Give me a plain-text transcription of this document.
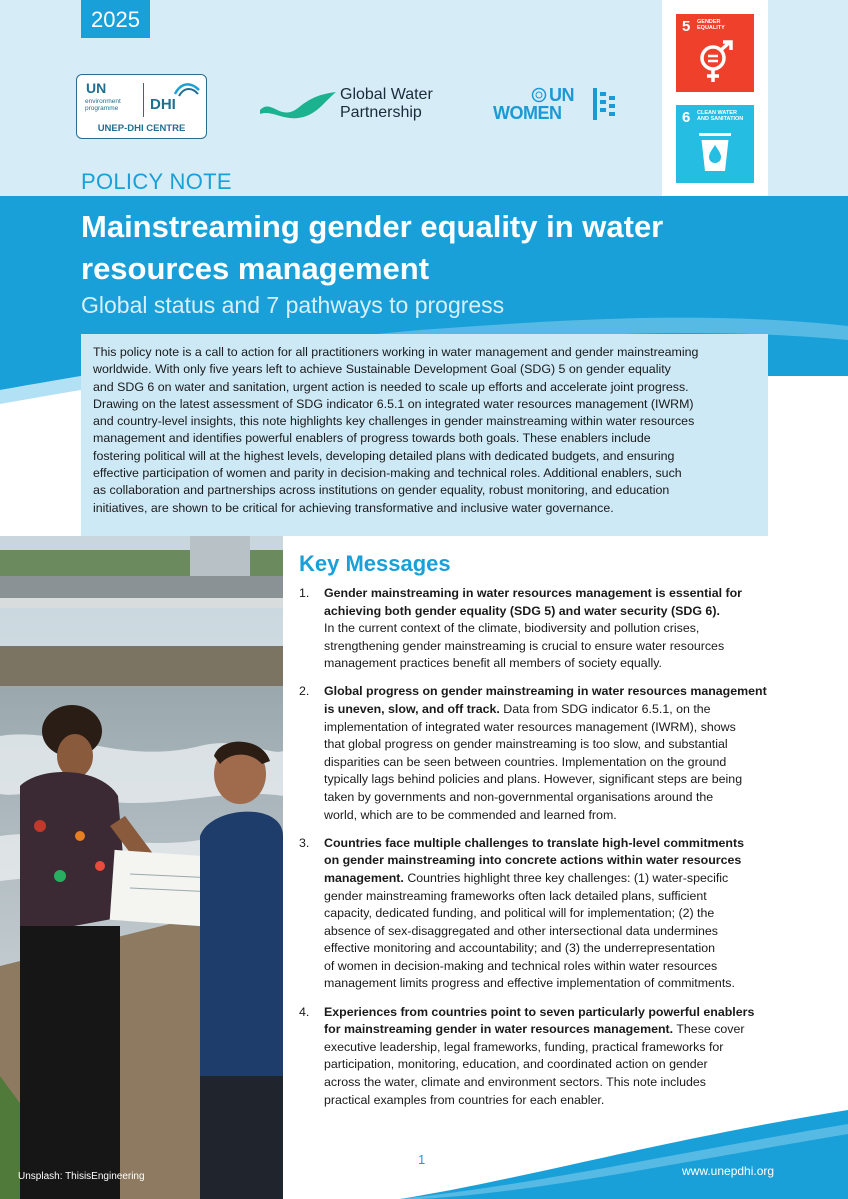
2025
UN
environment programme	DHI
UNEP-DHI CENTRE
Global Water
Partnership
UN
WOMEN
5 GENDER EQUALITY
6 CLEAN WATER AND SANITATION
POLICY NOTE
Mainstreaming gender equality in water resources management
Global status and 7 pathways to progress
This policy note is a call to action for all practitioners working in water management and gender mainstreaming
worldwide. With only five years left to achieve Sustainable Development Goal (SDG) 5 on gender equality
and SDG 6 on water and sanitation, urgent action is needed to scale up efforts and accelerate joint progress.
Drawing on the latest assessment of SDG indicator 6.5.1 on integrated water resources management (IWRM)
and country-level insights, this note highlights key challenges in gender mainstreaming within water resources
management and identifies powerful enablers of progress towards both goals. These enablers include
fostering political will at the highest levels, developing detailed plans with dedicated budgets, and ensuring
effective participation of women and parity in decision-making and technical roles. Additional enablers, such
as collaboration and partnerships across institutions on gender equality, robust monitoring, and education
initiatives, are shown to be critical for achieving transformative and inclusive water governance.
Unsplash: ThisisEngineering
Key Messages
1. Gender mainstreaming in water resources management is essential for
achieving both gender equality (SDG 5) and water security (SDG 6).
In the current context of the climate, biodiversity and pollution crises,
strengthening gender mainstreaming is crucial to ensure water resources
management practices benefit all members of society equally.
2. Global progress on gender mainstreaming in water resources management
is uneven, slow, and off track. Data from SDG indicator 6.5.1, on the
implementation of integrated water resources management (IWRM), shows
that global progress on gender mainstreaming is too slow, and substantial
disparities can be seen between countries. Implementation on the ground
typically lags behind policies and plans. However, significant steps are being
taken by governments and non-governmental organisations around the
world, which are to be commended and learned from.
3. Countries face multiple challenges to translate high-level commitments
on gender mainstreaming into concrete actions within water resources
management. Countries highlight three key challenges: (1) water-specific
gender mainstreaming frameworks often lack detailed plans, sufficient
capacity, dedicated funding, and political will for implementation; (2) the
absence of sex-disaggregated and other intersectional data undermines
effective monitoring and accountability; and (3) the underrepresentation
of women in decision-making and technical roles within water resources
management limits progress and effective implementation of commitments.
4. Experiences from countries point to seven particularly powerful enablers
for mainstreaming gender in water resources management. These cover
executive leadership, legal frameworks, funding, practical frameworks for
participation, monitoring, education, and coordinated action on gender
across the water, climate and environment sectors. This note includes
practical examples from countries for each enabler.
1
www.unepdhi.org
